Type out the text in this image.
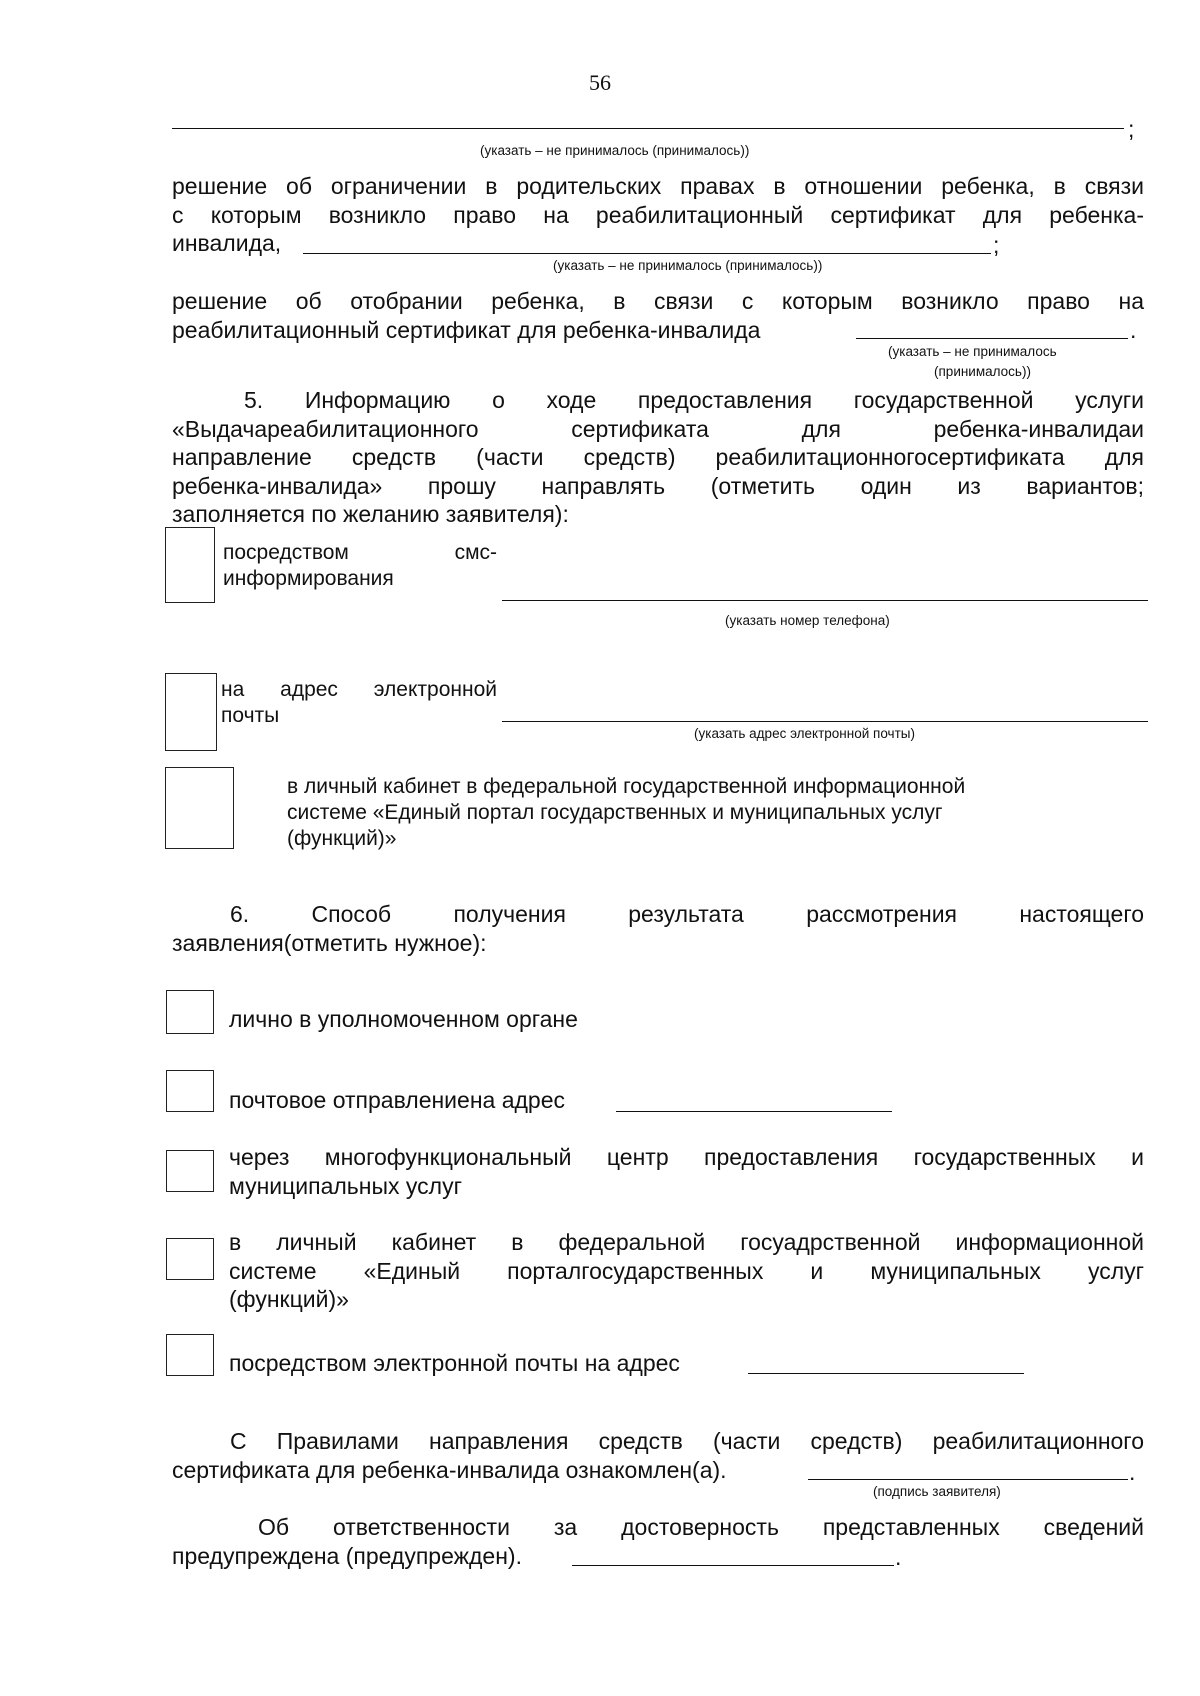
56
;
(указать – не принималось (принималось))
решение об ограничении в родительских правах в отношении ребенка, в связи
с которым возникло право на реабилитационный сертификат для ребенка-
инвалида,	;
(указать – не принималось (принималось))
решение об отобрании ребенка, в связи с которым возникло право на
реабилитационный сертификат для ребенка-инвалида	.
(указать – не принималось
(принималось))
5. Информацию о ходе предоставления государственной услуги
«Выдачареабилитационного сертификата для ребенка-инвалидаи
направление средств (части средств) реабилитационногосертификата для
ребенка-инвалида» прошу направлять (отметить один из вариантов;
заполняется по желанию заявителя):
посредством смс-
информирования
(указать номер телефона)
на адрес электронной
почты
(указать адрес электронной почты)
в личный кабинет в федеральной государственной информационной
системе «Единый портал государственных и муниципальных услуг
(функций)»
6. Способ получения результата рассмотрения настоящего
заявления(отметить нужное):
лично в уполномоченном органе
почтовое отправлениена адрес
через многофункциональный центр предоставления государственных и
муниципальных услуг
в личный кабинет в федеральной госуадрственной информационной
системе «Единый порталгосударственных и муниципальных услуг
(функций)»
посредством электронной почты на адрес
С Правилами направления средств (части средств) реабилитационного
сертификата для ребенка-инвалида ознакомлен(а).	.
(подпись заявителя)
Об ответственности за достоверность представленных сведений
предупреждена (предупрежден).	.
